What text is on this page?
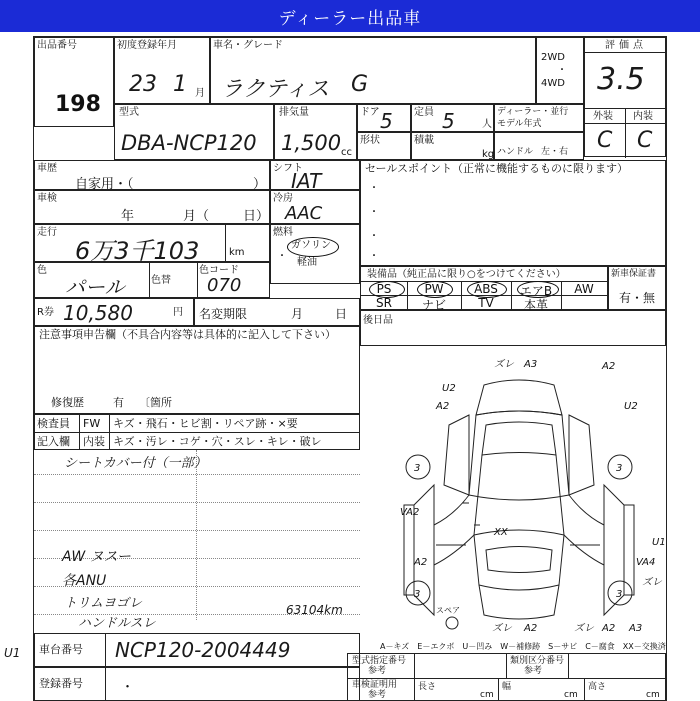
ディーラー出品車
出品番号
198
初度登録年月
23 1 月
車名・グレード
ラクティス G
2WD
・
4WD
評価点
3.5
外装 内装
C C
型式
DBA-NCP120
排気量
1,500 cc
ドア 5 定員 5	人
ディーラー・並行
モデル年式
形状	積載
kg ハンドル 左・右
車歴
自家用・（	）
シフト
IAT
車検
年	月（	日）
冷房
AAC
走行
6万3千103	km
燃料
ガソリン
・
軽油
色
パール	色替
色コード
070
セールスポイント（正常に機能するものに限ります）
・
・
・
・
装備品（純正品に限り○をつけてください）
PS	PW	ABS	エアB	AW
SR	ナビ	TV	本革
新車保証書
有・無
R券 10,580	円 名変期限	月	日
注意事項申告欄（不具合内容等は具体的に記入して下さい）
修復歴	有 〔箇所
後日品
検査員 FW キズ・飛石・ヒビ割・リペア跡・×要
記入欄 内装 キズ・汚レ・コゲ・穴・スレ・キレ・破レ
シートカバー付（一部）
AW ヌスー
各ANU
トリムヨゴレ
ハンドルスレ
63104km
ズレ A3	A2
U2
A2	U2
3	3
VA2
XX
A2	VA4
ズレ A2
3	3
ズレ A2 A3
スペア
U1
ズレ
A－キズ　E－エクボ　U－凹み　W－補修跡　S－サビ　C－腐食　XX－交換済
車台番号 NCP120-2004449
登録番号	・
型式指定番号
参考
類別区分番号
参考
車検証明用
参考
長さ
cm
幅
cm
高さ
cm
U1
